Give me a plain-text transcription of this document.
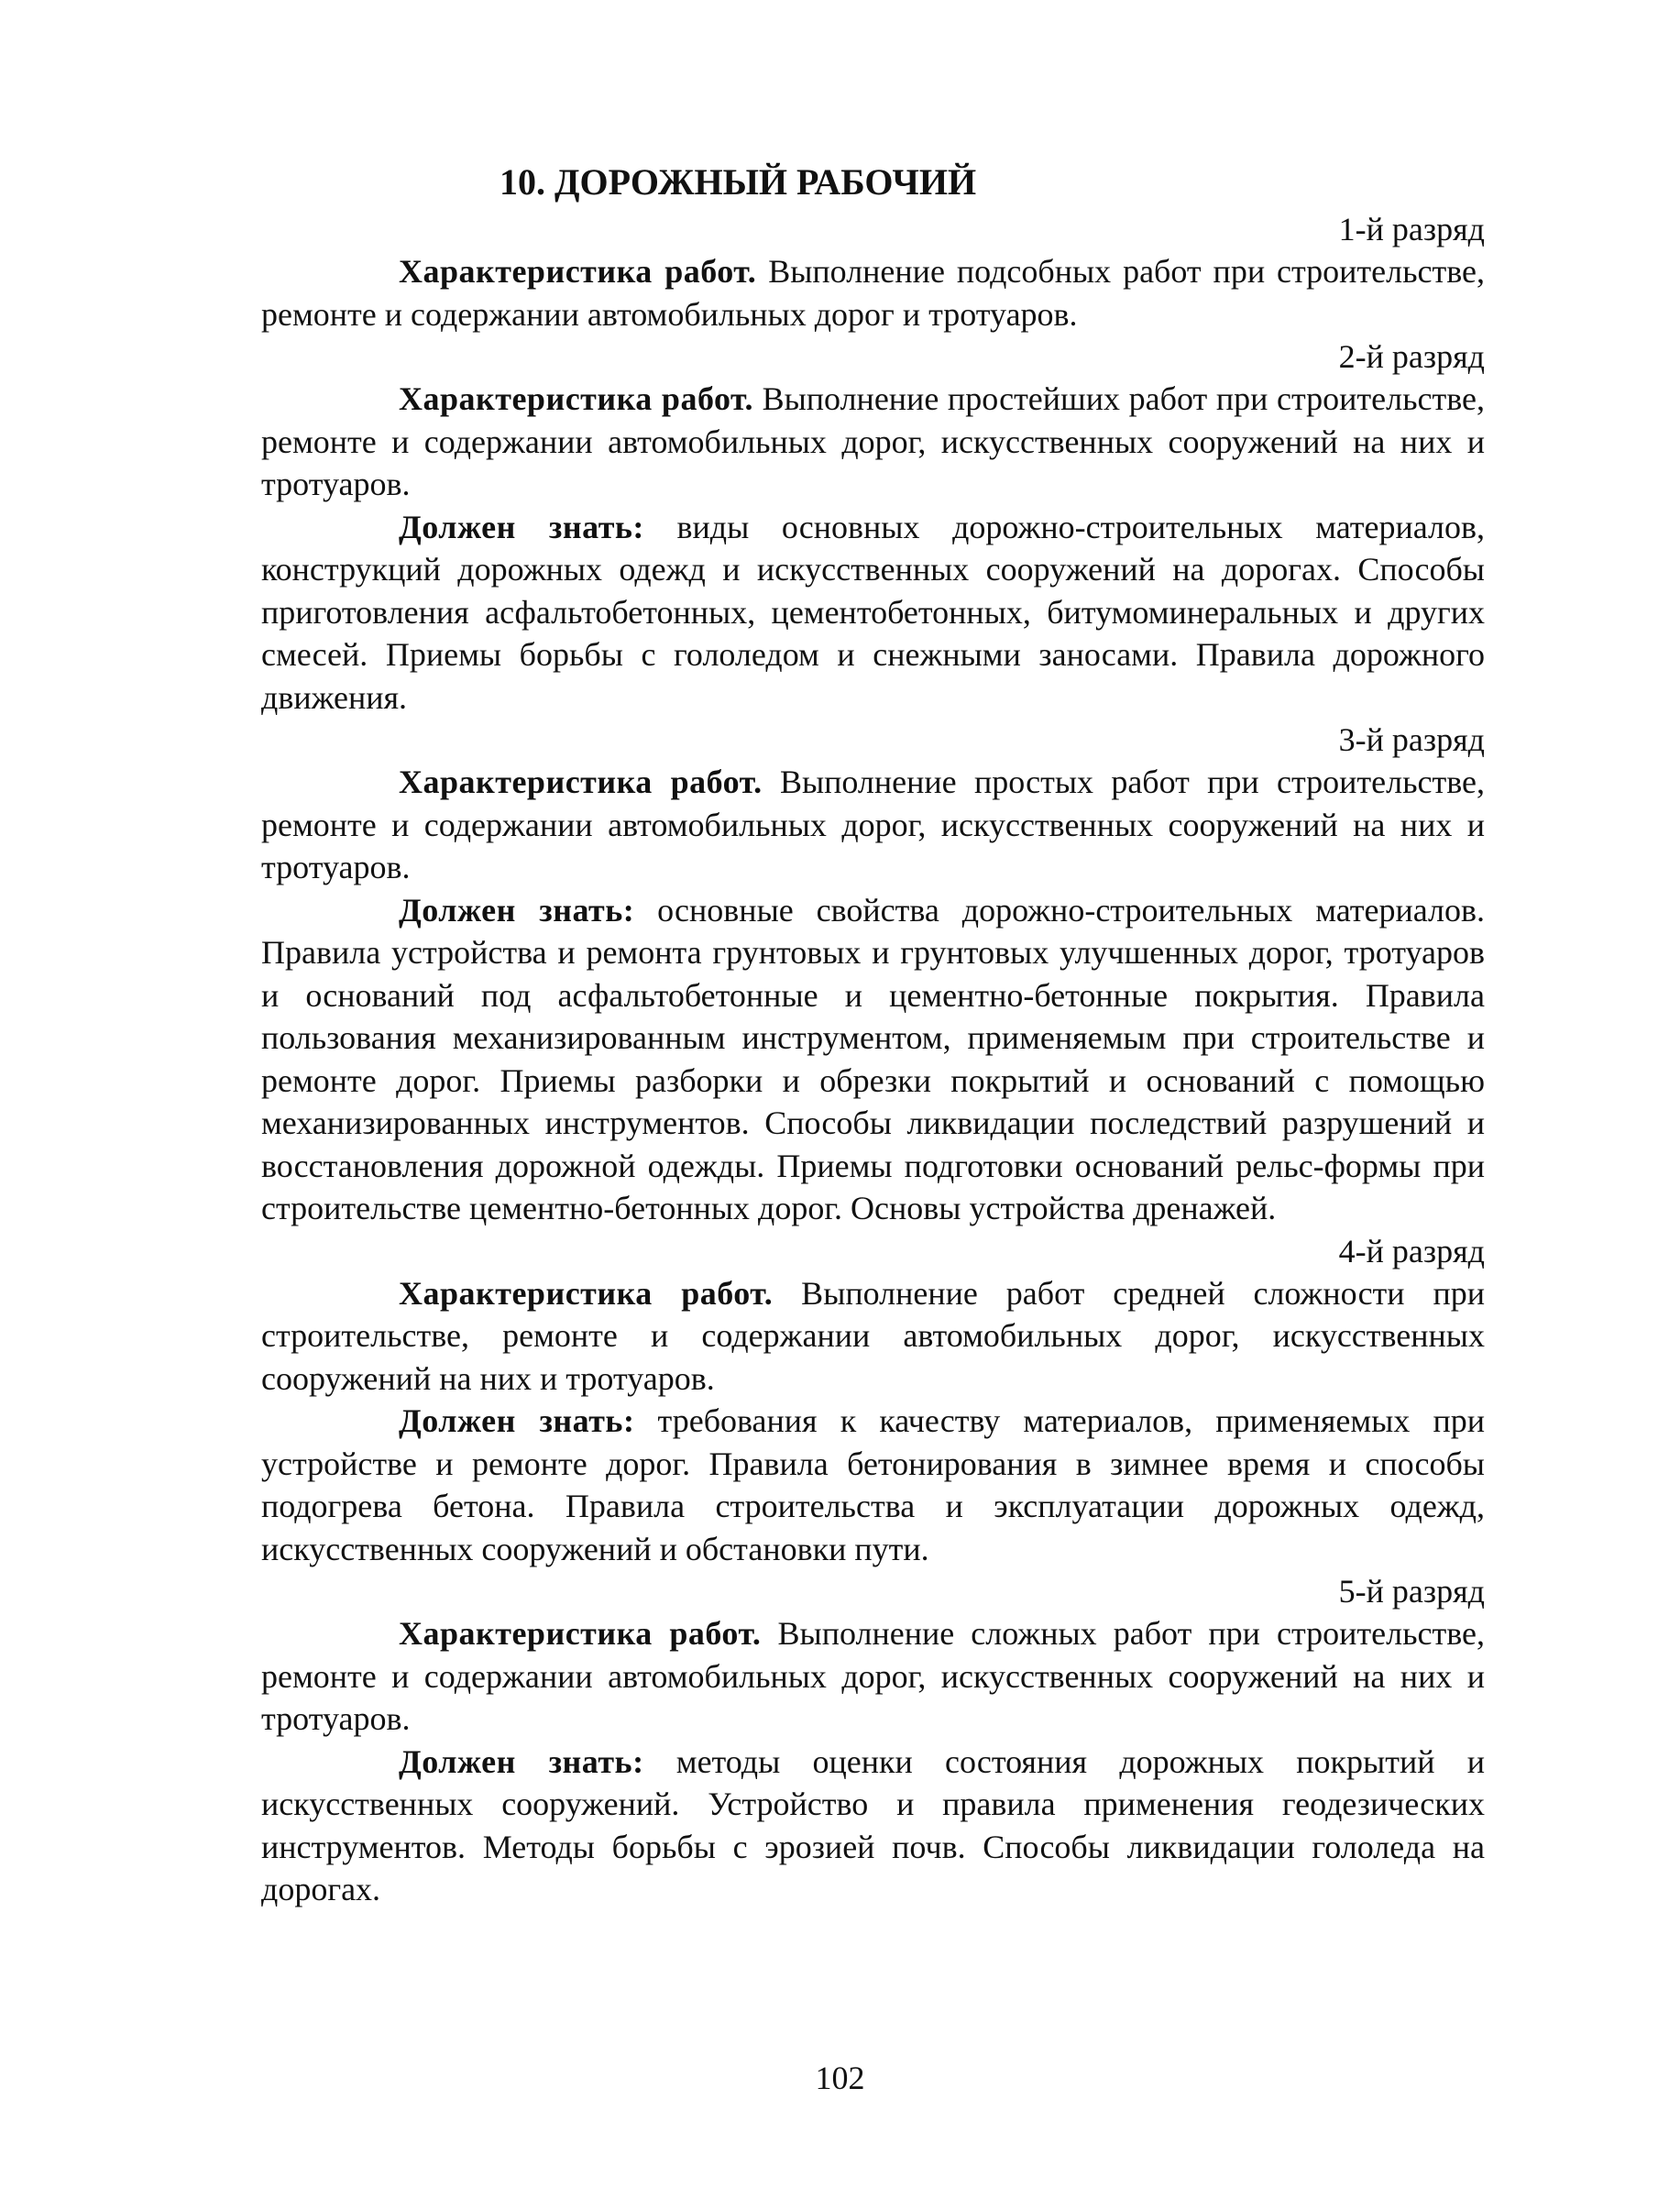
10. ДОРОЖНЫЙ РАБОЧИЙ

1-й разряд

Характеристика работ. Выполнение подсобных работ при строительстве, ремонте и содержании автомобильных дорог и тротуаров.

2-й разряд

Характеристика работ. Выполнение простейших работ при строительстве, ремонте и содержании автомобильных дорог, искусственных сооружений на них и тротуаров.

Должен знать: виды основных дорожно-строительных материалов, конструкций дорожных одежд и искусственных сооружений на дорогах. Способы приготовления асфальтобетонных, цементобетонных, битумоминеральных и других смесей. Приемы борьбы с гололедом и снежными заносами. Правила дорожного движения.

3-й разряд

Характеристика работ. Выполнение простых работ при строительстве, ремонте и содержании автомобильных дорог, искусственных сооружений на них и тротуаров.

Должен знать: основные свойства дорожно-строительных материалов. Правила устройства и ремонта грунтовых и грунтовых улучшенных дорог, тротуаров и оснований под асфальтобетонные и цементно-бетонные покрытия. Правила пользования механизированным инструментом, применяемым при строительстве и ремонте дорог. Приемы разборки и обрезки покрытий и оснований с помощью механизированных инструментов. Способы ликвидации последствий разрушений и восстановления дорожной одежды. Приемы подготовки оснований рельс-формы при строительстве цементно-бетонных дорог. Основы устройства дренажей.

4-й разряд

Характеристика работ. Выполнение работ средней сложности при строительстве, ремонте и содержании автомобильных дорог, искусственных сооружений на них и тротуаров.

Должен знать: требования к качеству материалов, применяемых при устройстве и ремонте дорог. Правила бетонирования в зимнее время и способы подогрева бетона. Правила строительства и эксплуатации дорожных одежд, искусственных сооружений и обстановки пути.

5-й разряд

Характеристика работ. Выполнение сложных работ при строительстве, ремонте и содержании автомобильных дорог, искусственных сооружений на них и тротуаров.

Должен знать: методы оценки состояния дорожных покрытий и искусственных сооружений. Устройство и правила применения геодезических инструментов. Методы борьбы с эрозией почв. Способы ликвидации гололеда на дорогах.

102
